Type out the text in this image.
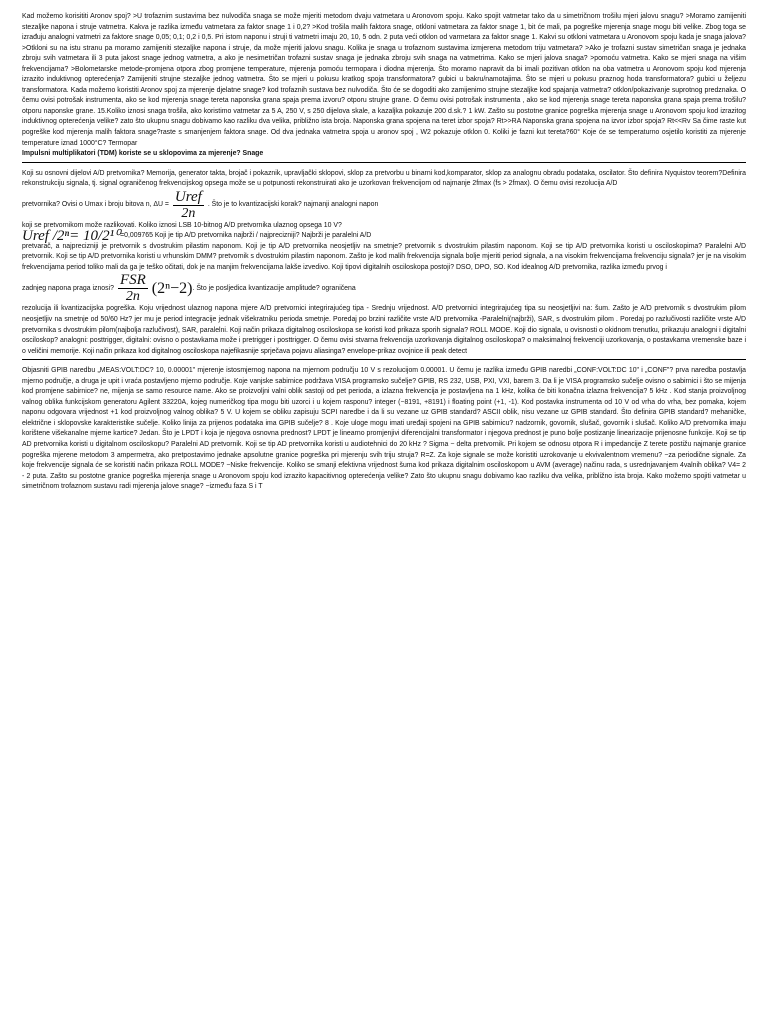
Kad možemo korisititi Aronov spoj? >U trofaznim sustavima bez nulvodiča snaga se može mjeriti metodom dvaju vatmetara u Aronovom spoju. Kako spojit vatmetar tako da u simetričnom trošilu mjeri jalovu snagu? >Moramo zamijeniti stezaljke napona i struje vatmetra. Kakva je razlika između vatmetara za faktor snage 1 i 0,2? >Kod trošila malih faktora snage, otkloni vatmetara za faktor snage 1, bit će mali, pa pogreške mjerenja snage mogu biti velike. Zbog toga se izrađuju analogni vatmetri za faktore snage 0,05; 0,1; 0,2 i 0,5. Pri istom naponu i struji ti vatmetri imaju 20, 10, 5 odn. 2 puta veći otklon od varmetara za faktor snage 1. Kakvi su otkloni vatmetara u Aronovom spoju kada je snaga jalova? >Otkloni su na istu stranu pa moramo zamijeniti stezaljke napona i struje, da može mjeriti jalovu snagu. Kolika je snaga u trofaznom sustavima izmjerena metodom triju vatmetara? >Ako je trofazni sustav simetričan snaga je jednaka zbroju svih vatmetara ili 3 puta jakost snage jednog vatmetra, a ako je nesimetričan trofazni sustav snaga je jednaka zbroju svih snaga na vatmetrima. Kako se mjeri jalova snaga? >pomoću vatmetra. Kako se mjeri snaga na višim frekvencijama? >Bolometarske metode-promjena otpora zbog promjene temperature, mjerenja pomoću termopara i diodna mjerenja. Što moramo napravit da bi imali pozitivan otklon na oba vatmetra u Aronovom spoju kod mjerenja izrazito induktivnog opterećenja? Zamijeniti strujne stezaljke jednog vatmetra. Što se mjeri u pokusu kratkog spoja transformatora? gubici u bakru/namotajima. Što se mjeri u pokusu praznog hoda transformatora? gubici u željezu transformatora. Kada možemo koristiti Aronov spoj za mjerenje djelatne snage? kod trofaznih sustava bez nulvodiča. Što će se dogoditi ako zamijenimo strujne stezaljke kod spajanja vatmetra? otklon/pokazivanje suprotnog predznaka. O čemu ovisi potrošak instrumenta, ako se kod mjerenja snage tereta naponska grana spaja prema izvoru? otporu strujne grane. O čemu ovisi potrošak instrumenta , ako se kod mjerenja snage tereta naponska grana spaja prema trošilu? otporu naponske grane. 15.Koliko iznosi snaga trošila, ako koristimo vatmetar za 5 A, 250 V, s 250 dijelova skale, a kazaljka pokazuje 200 d.sk.? 1 kW. Zašto su postotne granice pogreška mjerenja snage u Aronovom spoju kod izrazitog induktivnog opterećenja velike? zato što ukupnu snagu dobivamo kao razliku dva velika, približno ista broja. Naponska grana spojena na teret izbor spoja? Rt>>RA Naponska grana spojena na izvor izbor spoja? Rt<<Rv Sa čime raste kut pogreške kod mjerenja malih faktora snage?raste s smanjenjem faktora snage. Od dva jednaka vatmetra spoja u aronov spoj , W2 pokazuje otklon 0. Koliki je fazni kut tereta?60° Koje će se temperaturno osjetilo koristiti za mjerenje temperature iznad 1000°C? Termopar
Impulsni multiplikatori (TDM) koriste se u sklopovima za mjerenje? Snage
Koji su osnovni dijelovi A/D pretvornika? Memorija, generator takta, brojač i pokaznik, upravljački sklopovi, sklop za pretvorbu u binarni kod,komparator, sklop za analognu obradu podataka, oscilator. Što definira Nyquistov teorem?Definira rekonstrukciju signala, tj. signal ograničenog frekvencijskog opsega može se u potpunosti rekonstruirati ako je uzorkovan frekvencijom od najmanje 2fmax (fs > 2fmax). O čemu ovisi rezolucija A/D
pretvornika? Ovisi o Umax i broju bitova n, $\Delta U = \frac{\text{Uref}}{2n}$ . Što je to kvantizacijski korak? najmanji analogni napon
koji se pretvornikom može razlikovati. Koliko iznosi LSB 10-bitnog A/D pretvornika ulaznog opsega 10 V?
Uref /2ⁿ= 10/2¹⁰ =0,009765 Koji je tip A/D pretvornika najbrži / najprecizniji? Najbrži je paralelni A/D
pretvarač, a najprecizniji je pretvornik s dvostrukim pilastim naponom. Koji je tip A/D pretvornika neosjetljiv na smetnje? pretvornik s dvostrukim pilastim naponom. Koji se tip A/D pretvornika koristi u osciloskopima? Paralelni A/D pretvornik. Koji se tip A/D pretvornika koristi u vrhunskim DMM? pretvornik s dvostrukim pilastim naponom. Zašto je kod malih frekvencija signala bolje mjeriti period signala, a na visokim frekvencijama frekvenciju signala? jer je na visokim frekvencijama period toliko mali da ga je teško očitati, dok je na manjim frekvencijama lakše izvedivo. Koji tipovi digitalnih osciloskopa postoji? DSO, DPO, SO. Kod idealnog A/D pretvornika, razlika između prvog i
zadnjeg napona praga iznosi? $\frac{\text{FSR}}{2n} (2^n-2)$ . Što je posljedica kvantizacije amplitude? ograničena
rezolucija ili kvantizacijska pogreška. Koju vrijednost ulaznog napona mjere A/D pretvornici integrirajućeg tipa - Srednju vrijednost. A/D pretvornici integrirajućeg tipa su neosjetljivi na: šum. Zašto je A/D pretvornik s dvostrukim pilom neosjetljiv na smetnje od 50/60 Hz? jer mu je period integracije jednak višekratniku perioda smetnje. Poredaj po brzini različite vrste A/D pretvornika -Paralelni(najbrži), SAR, s dvostrukim pilom . Poredaj po razlučivosti različite vrste A/D pretvornika s dvostrukim pilom(najbolja razlučivost), SAR, paralelni. Koji način prikaza digitalnog osciloskopa se koristi kod prikaza sporih signala? ROLL MODE. Koji dio signala, u ovisnosti o okidnom trenutku, prikazuju analogni i digitalni osciloskop? analogni: posttrigger, digitalni: ovisno o postavkama može i pretrigger i posttrigger. O čemu ovisi stvarna frekvencija uzorkovanja digitalnog osciloskopa? o maksimalnoj frekvenciji uzorkovanja, o postavkama vremenske baze i o veličini memorije. Koji način prikaza kod digitalnog osciloskopa najefikasnije sprječava pojavu aliasinga? envelope-prikaz ovojnice ili peak detect
Objasniti GPIB naredbu „MEAS:VOLT:DC? 10, 0.00001" mjerenje istosmjernog napona na mjernom području 10 V s rezolucijom 0.00001. U čemu je razlika između GPIB naredbi „CONF:VOLT:DC 10" i „CONF"? prva naredba postavlja mjerno područje, a druga je upit i vraća postavljeno mjerno područje. Koje vanjske sabirnice podržava VISA programsko sučelje? GPIB, RS 232, USB, PXI, VXI, barem 3. Da li je VISA programsko sučelje ovisno o sabirnici i što se mijenja kod promjene sabirnice? ne, mijenja se samo resource name. Ako se proizvoljni valni oblik sastoji od pet perioda, a izlazna frekvencija je postavljena na 1 kHz, kolika će biti konačna izlazna frekvencija? 5 kHz . Kod stanja proizvoljnog valnog oblika funkcijskom generatoru Agilent 33220A, kojeg numeričkog tipa mogu biti uzorci i u kojem rasponu? integer (−8191, +8191) i floating point (+1, -1). Kod postavka instrumenta od 10 V od vrha do vrha, bez pomaka, kojem naponu odgovara vrijednost +1 kod proizvoljnog valnog oblika? 5 V. U kojem se obliku zapisuju SCPI naredbe i da li su vezane uz GPIB standard? ASCII oblik, nisu vezane uz GPIB standard. Što definira GPIB standard? mehaničke, električne i sklopovske karakteristike sučelje. Koliko linija za prijenos podataka ima GPIB sučelje? 8 . Koje uloge mogu imati uređaji spojeni na GPIB sabirnicu? nadzornik, govornik, slušač, govornik i slušač. Koliko A/D pretvornika imaju korištene višekanalne mjerne kartice? Jedan. Što je LPDT i koja je njegova osnovna prednost? LPDT je linearno promjenjivi diferencijalni transformator i njegova prednost je puno bolje postizanje linearizacije prijenosne funkcije. Koji se tip AD pretvornika koristi u digitalnom osciloskopu? Paralelni AD pretvornik. Koji se tip AD pretvornika koristi u audiotehnici do 20 kHz ? Sigma − delta pretvornik. Pri kojem se odnosu otpora R i impedancije Z terete postižu najmanje granice pogreška mjerene metodom 3 ampermetra, ako pretpostavimo jednake apsolutne granice pogreška pri mjerenju svih triju struja? R=Z. Za koje signale se može koristiti uzrokovanje u ekvivalentnom vremenu? −za periodične signale. Za koje frekvencije signala će se koristiti način prikaza ROLL MODE? −Niske frekvencije. Koliko se smanji efektivna vrijednost šuma kod prikaza digitalnim osciloskopom u AVM (average) načinu rada, s usrednjavanjem 4valnih oblika? V4= 2 - 2 puta. Zašto su postotne granice pogreška mjerenja snage u Aronovom spoju kod izrazito kapacitivnog opterećenja velike? Zato što ukupnu snagu dobivamo kao razliku dva velika, približno ista broja. Kako možemo spojiti vatmetar u simetričnom trofaznom sustavu radi mjerenja jalove snage? −između faza S i T
